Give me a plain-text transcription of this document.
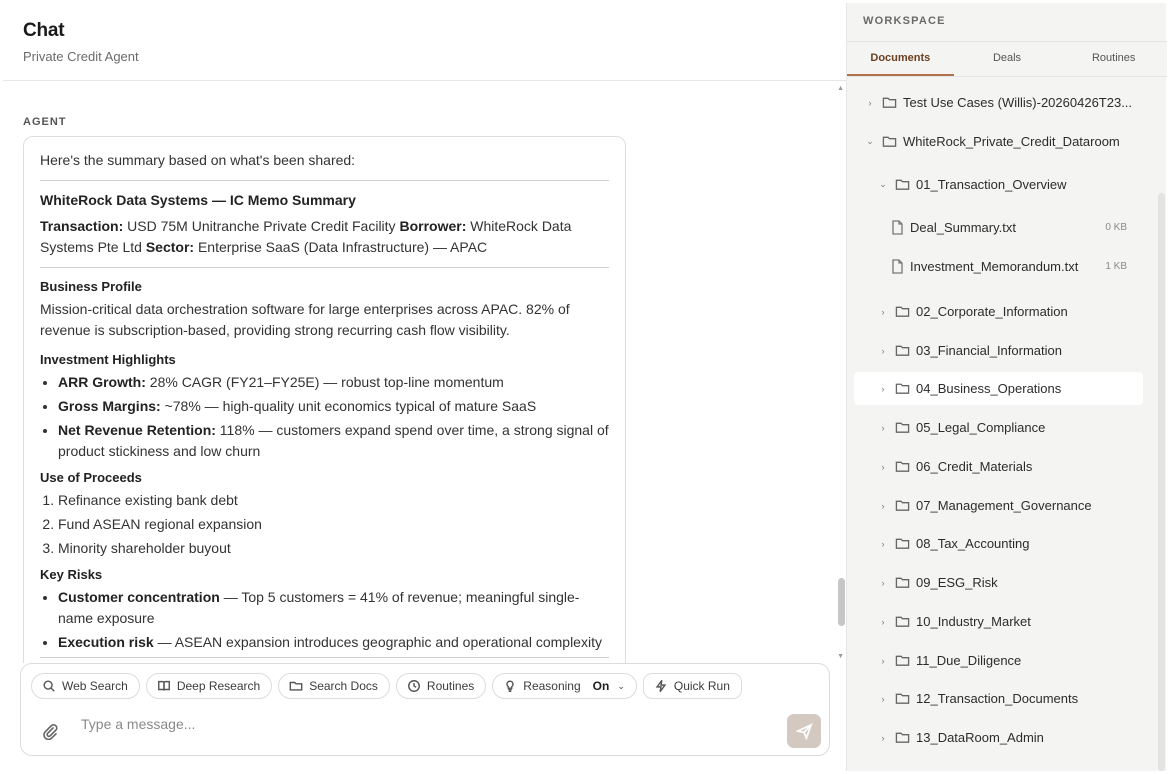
Chat
Private Credit Agent
AGENT

Here's the summary based on what's been shared:

WhiteRock Data Systems — IC Memo Summary

Transaction: USD 75M Unitranche Private Credit Facility Borrower: WhiteRock Data Systems Pte Ltd Sector: Enterprise SaaS (Data Infrastructure) — APAC

Business Profile

Mission-critical data orchestration software for large enterprises across APAC. 82% of revenue is subscription-based, providing strong recurring cash flow visibility.

Investment Highlights
• ARR Growth: 28% CAGR (FY21–FY25E) — robust top-line momentum
• Gross Margins: ~78% — high-quality unit economics typical of mature SaaS
• Net Revenue Retention: 118% — customers expand spend over time, a strong signal of product stickiness and low churn
Use of Proceeds
1. Refinance existing bank debt
2. Fund ASEAN regional expansion
3. Minority shareholder buyout
Key Risks
• Customer concentration — Top 5 customers = 41% of revenue; meaningful single-name exposure
• Execution risk — ASEAN expansion introduces geographic and operational complexity
▲
▼
Web Search	Deep Research	Search Docs	Routines	Reasoning On ⌄	Quick Run
Type a message...
WORKSPACE
Documents	Deals	Routines
›	Test Use Cases (Willis)-20260426T23...
⌄ WhiteRock_Private_Credit_Dataroom
⌄ 01_Transaction_Overview
Deal_Summary.txt	0 KB
Investment_Memorandum.txt	1 KB
›	02_Corporate_Information
›	03_Financial_Information
›	04_Business_Operations
›	05_Legal_Compliance
›	06_Credit_Materials
›	07_Management_Governance
›	08_Tax_Accounting
›	09_ESG_Risk
›	10_Industry_Market
›	11_Due_Diligence
›	12_Transaction_Documents
›	13_DataRoom_Admin
